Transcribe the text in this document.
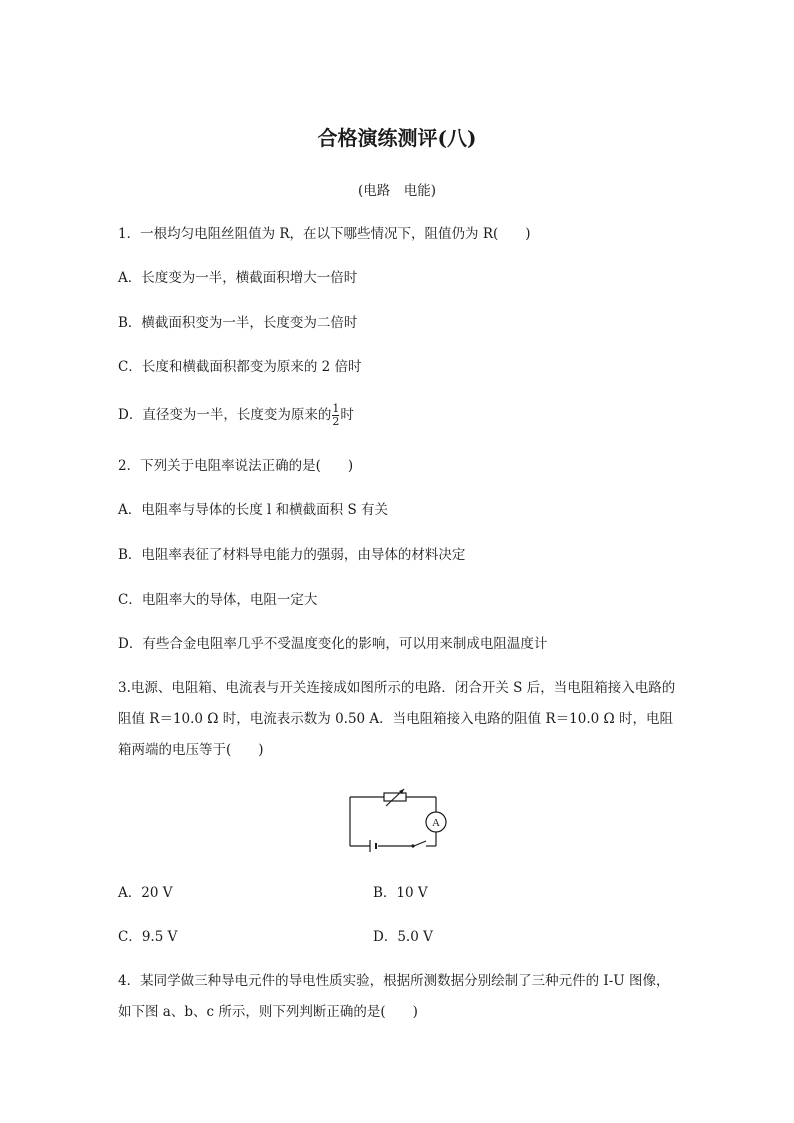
合格演练测评(八)
(电路　电能)
1．一根均匀电阻丝阻值为 R，在以下哪些情况下，阻值仍为 R(　　)
A．长度变为一半，横截面积增大一倍时
B．横截面积变为一半，长度变为二倍时
C．长度和横截面积都变为原来的 2 倍时
D．直径变为一半，长度变为原来的 $\frac{1}{2}$ 时
2．下列关于电阻率说法正确的是(　　)
A．电阻率与导体的长度 l 和横截面积 S 有关
B．电阻率表征了材料导电能力的强弱，由导体的材料决定
C．电阻率大的导体，电阻一定大
D．有些合金电阻率几乎不受温度变化的影响，可以用来制成电阻温度计
3.电源、电阻箱、电流表与开关连接成如图所示的电路．闭合开关 S 后，当电阻箱接入电路的阻值 R＝10.0 Ω 时，电流表示数为 0.50 A．当电阻箱接入电路的阻值 R＝10.0 Ω 时，电阻箱两端的电压等于(　　)
A
A．20 V	B．10 V
C．9.5 V	D．5.0 V
4．某同学做三种导电元件的导电性质实验，根据所测数据分别绘制了三种元件的 I-U 图像，如下图 a、b、c 所示，则下列判断正确的是(　　)
